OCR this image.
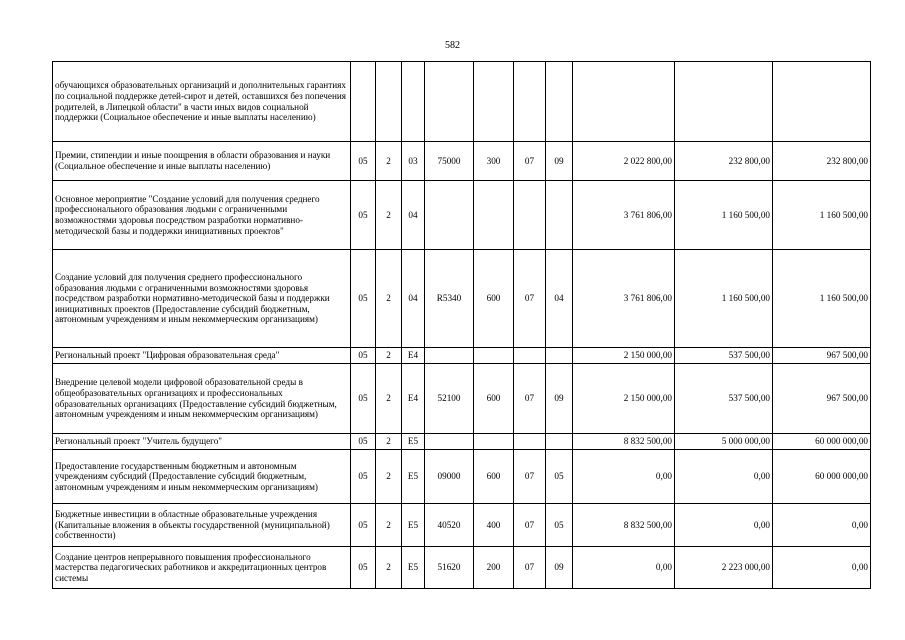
582
обучающихся образовательных организаций и дополнительных гарантиях по социальной поддержке детей-сирот и детей, оставшихся без попечения родителей, в Липецкой области" в части иных видов социальной поддержки (Социальное обеспечение и иные выплаты населению)										
Премии, стипендии и иные поощрения в области образования и науки (Социальное обеспечение и иные выплаты населению)	05	2	03	75000	300	07	09	2 022 800,00	232 800,00	232 800,00
Основное мероприятие "Создание условий для получения среднего профессионального образования людьми с ограниченными возможностями здоровья посредством разработки нормативно-методической базы и поддержки инициативных проектов"	05	2	04					3 761 806,00	1 160 500,00	1 160 500,00
Создание условий для получения среднего профессионального образования людьми с ограниченными возможностями здоровья посредством разработки нормативно-методической базы и поддержки инициативных проектов (Предоставление субсидий бюджетным, автономным учреждениям и иным некоммерческим организациям)	05	2	04	R5340	600	07	04	3 761 806,00	1 160 500,00	1 160 500,00
Региональный проект "Цифровая образовательная среда"	05	2	E4					2 150 000,00	537 500,00	967 500,00
Внедрение целевой модели цифровой образовательной среды в общеобразовательных организациях и профессиональных образовательных организациях (Предоставление субсидий бюджетным, автономным учреждениям и иным некоммерческим организациям)	05	2	E4	52100	600	07	09	2 150 000,00	537 500,00	967 500,00
Региональный проект "Учитель будущего"	05	2	E5					8 832 500,00	5 000 000,00	60 000 000,00
Предоставление государственным бюджетным и автономным учреждениям субсидий (Предоставление субсидий бюджетным, автономным учреждениям и иным некоммерческим организациям)	05	2	E5	09000	600	07	05	0,00	0,00	60 000 000,00
Бюджетные инвестиции в областные образовательные учреждения (Капитальные вложения в объекты государственной (муниципальной) собственности)	05	2	E5	40520	400	07	05	8 832 500,00	0,00	0,00
Создание центров непрерывного повышения профессионального мастерства педагогических работников и аккредитационных центров системы	05	2	E5	51620	200	07	09	0,00	2 223 000,00	0,00
